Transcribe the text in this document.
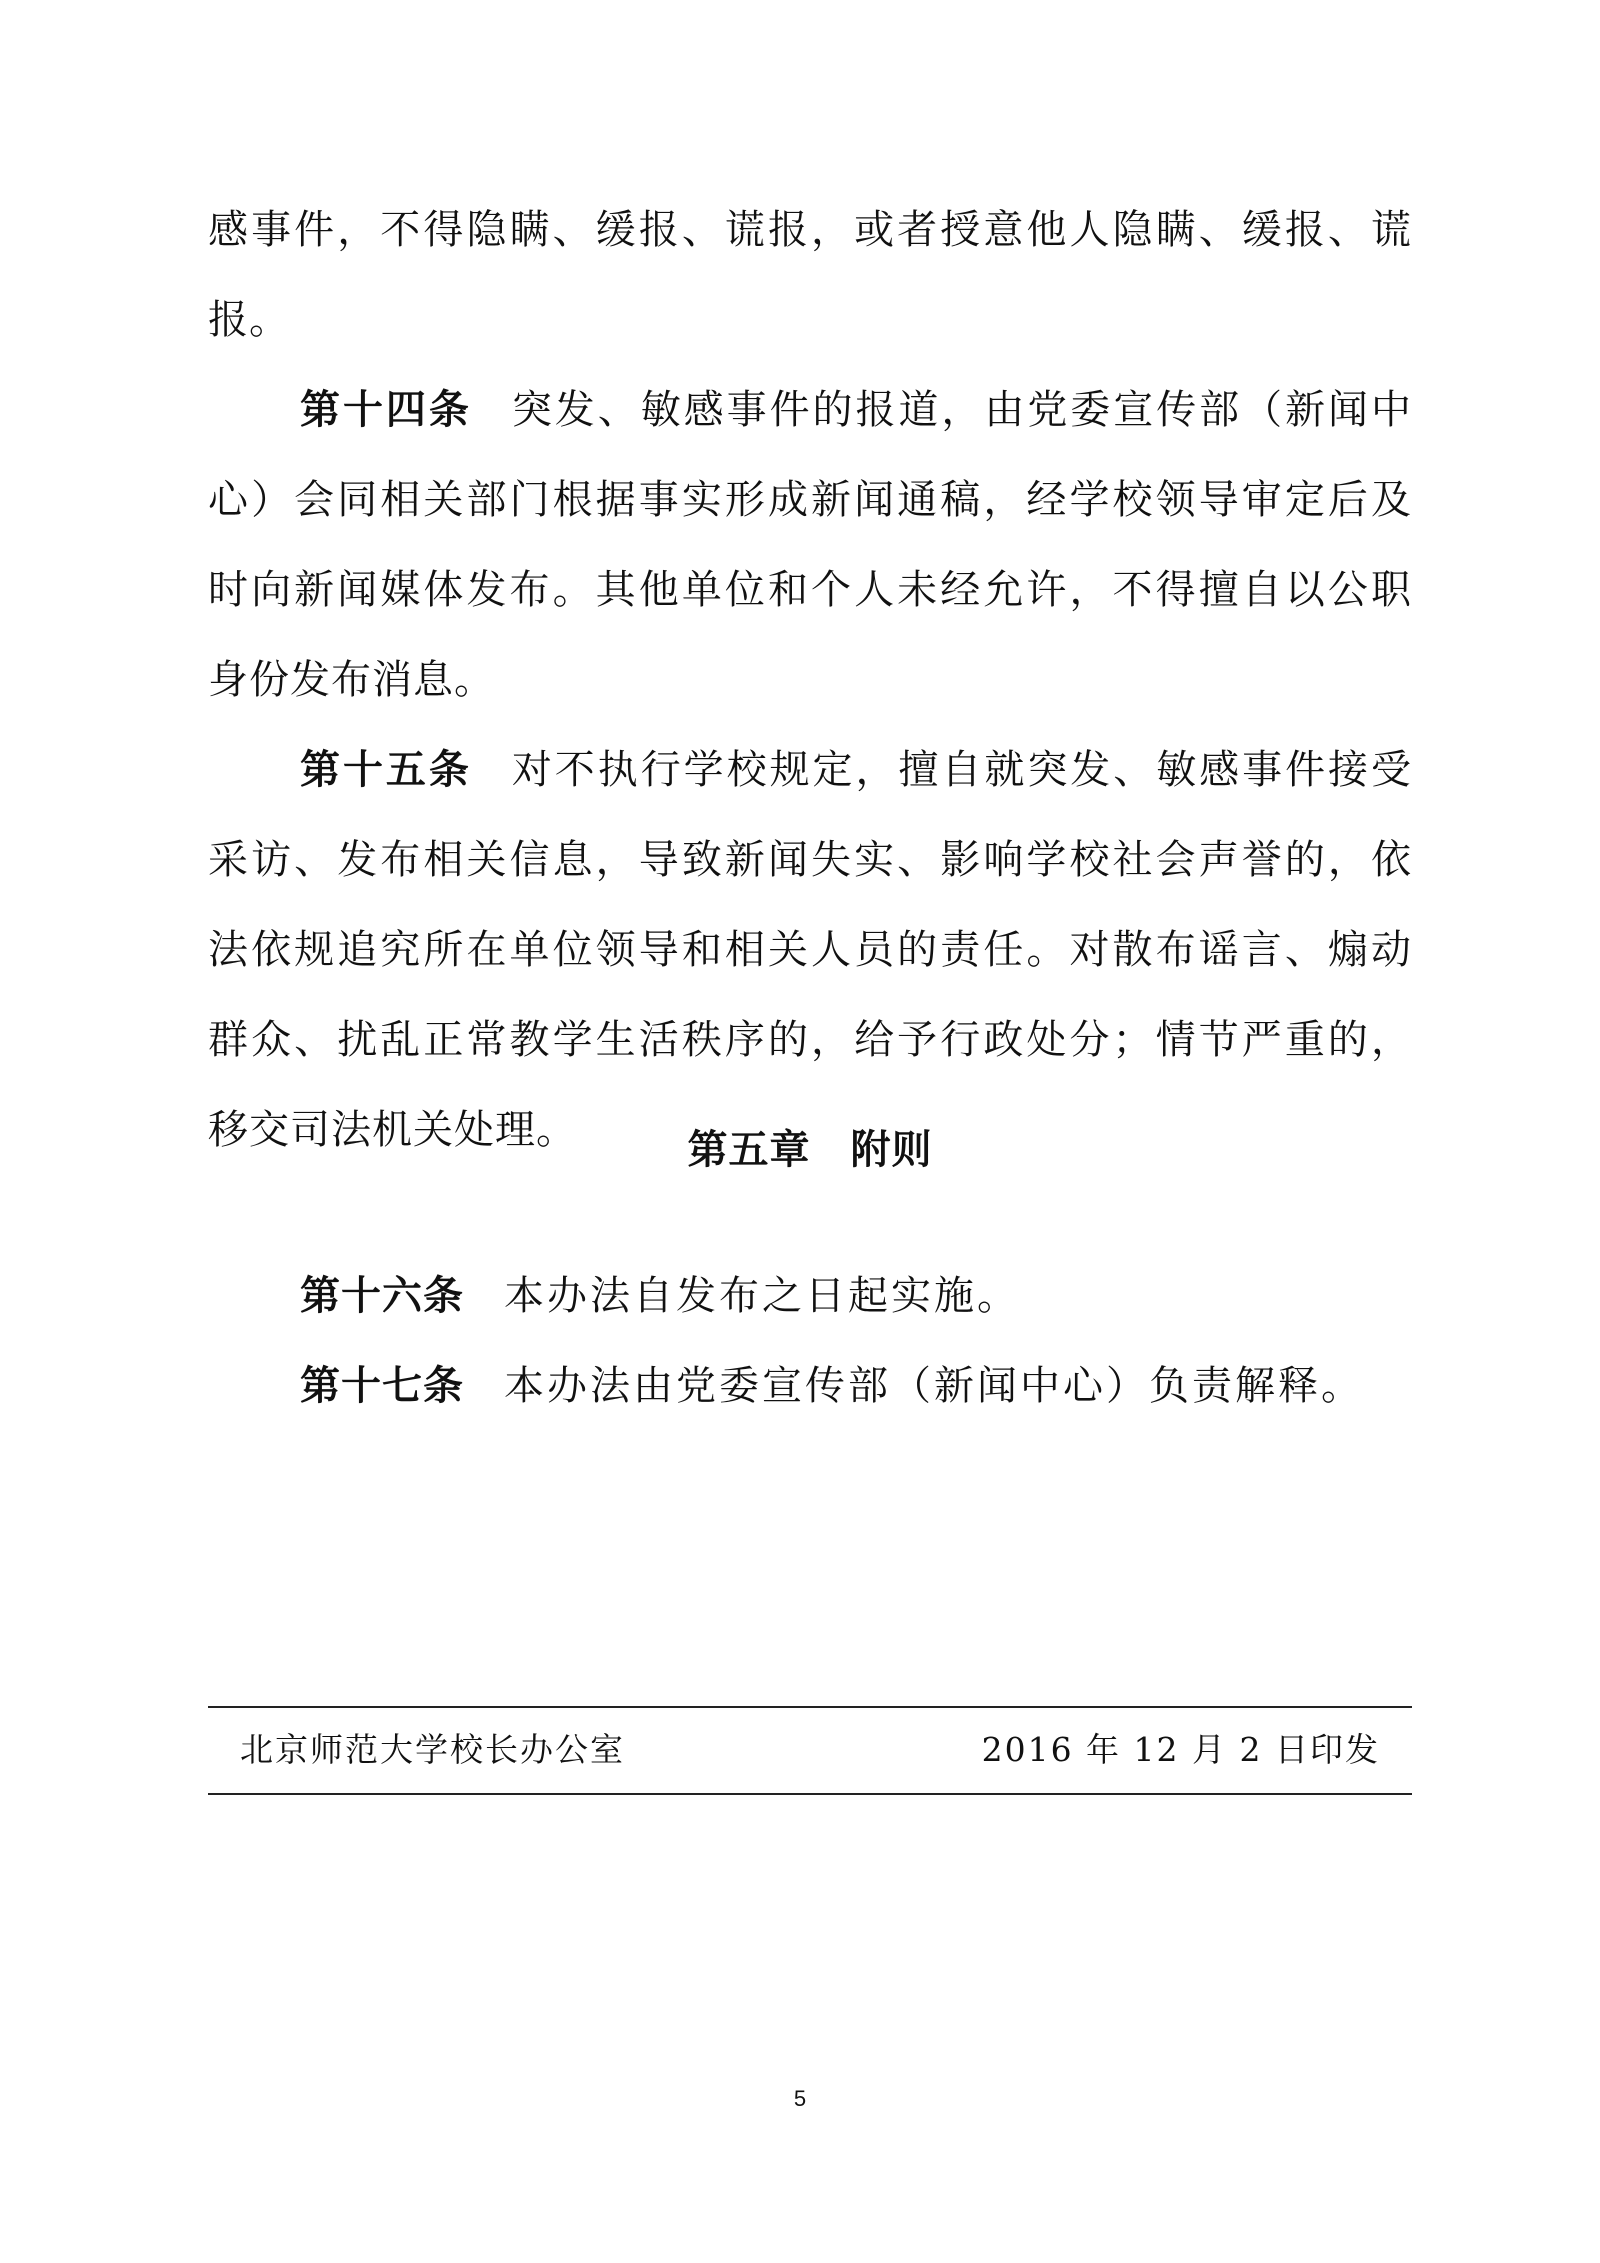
感事件，不得隐瞒、缓报、谎报，或者授意他人隐瞒、缓报、谎
报。
第十四条 突发、敏感事件的报道，由党委宣传部（新闻中
心）会同相关部门根据事实形成新闻通稿，经学校领导审定后及
时向新闻媒体发布。其他单位和个人未经允许，不得擅自以公职
身份发布消息。
第十五条 对不执行学校规定，擅自就突发、敏感事件接受
采访、发布相关信息，导致新闻失实、影响学校社会声誉的，依
法依规追究所在单位领导和相关人员的责任。对散布谣言、煽动
群众、扰乱正常教学生活秩序的，给予行政处分；情节严重的，
移交司法机关处理。	第五章 附则
第十六条 本办法自发布之日起实施。
第十七条 本办法由党委宣传部（新闻中心）负责解释。
北京师范大学校长办公室	2016 年 12 月 2 日印发
5
